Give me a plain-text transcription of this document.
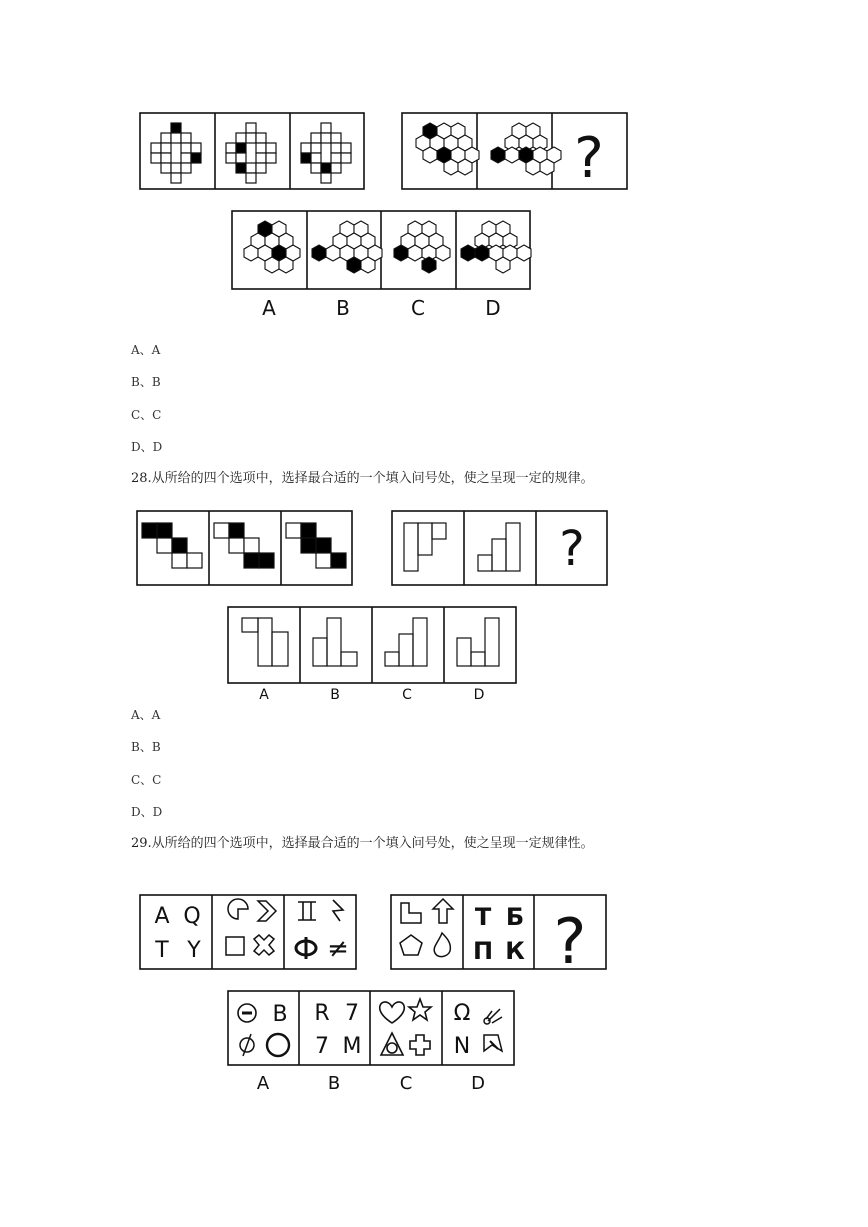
?
A	B	C	D
A、A
B、B
C、C
D、D
28.从所给的四个选项中，选择最合适的一个填入问号处，使之呈现一定的规律。
?
A	B	C	D
A、A
B、B
C、C
D、D
29.从所给的四个选项中，选择最合适的一个填入问号处，使之呈现一定规律性。
A Q
T Y	≠
Т Б
П К ?
B R 7
7 M
Ω
N
A	B	C	D
